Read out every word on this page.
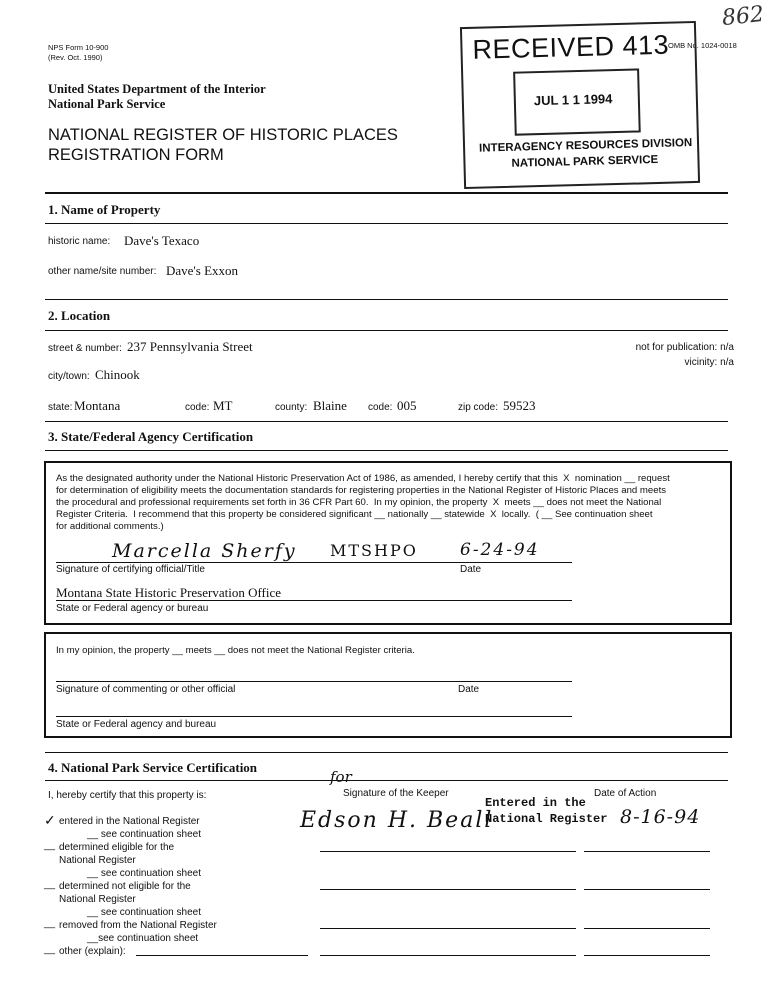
862
NPS Form 10-900
(Rev. Oct. 1990)
OMB No. 1024-0018
United States Department of the Interior
National Park Service
NATIONAL REGISTER OF HISTORIC PLACES
REGISTRATION FORM
RECEIVED 413
JUL 1 1 1994
INTERAGENCY RESOURCES DIVISION
NATIONAL PARK SERVICE
1. Name of Property
historic name: Dave's Texaco
other name/site number: Dave's Exxon
2. Location
street & number: 237 Pennsylvania Street	not for publication: n/a
vicinity: n/a
city/town: Chinook
state: Montana	code: MT	county: Blaine code: 005	zip code: 59523
3. State/Federal Agency Certification
As the designated authority under the National Historic Preservation Act of 1986, as amended, I hereby certify that this  X  nomination __ request
for determination of eligibility meets the documentation standards for registering properties in the National Register of Historic Places and meets
the procedural and professional requirements set forth in 36 CFR Part 60.  In my opinion, the property  X  meets __ does not meet the National
Register Criteria.  I recommend that this property be considered significant __ nationally __ statewide  X  locally.  ( __ See continuation sheet
for additional comments.)
Marcella Sherfy MTSHPO 6-24-94
Signature of certifying official/Title	Date
Montana State Historic Preservation Office
State or Federal agency or bureau
In my opinion, the property __ meets __ does not meet the National Register criteria.
Signature of commenting or other official	Date
State or Federal agency and bureau
4. National Park Service Certification
I, hereby certify that this property is:	Signature of the Keeper	Date of Action
for
Edson H. Beall
Entered in the
National Register 8-16-94
✓ entered in the National Register
__ see continuation sheet
__ determined eligible for the
National Register
__ see continuation sheet
__ determined not eligible for the
National Register
__ see continuation sheet
__ removed from the National Register
__see continuation sheet
__ other (explain):
